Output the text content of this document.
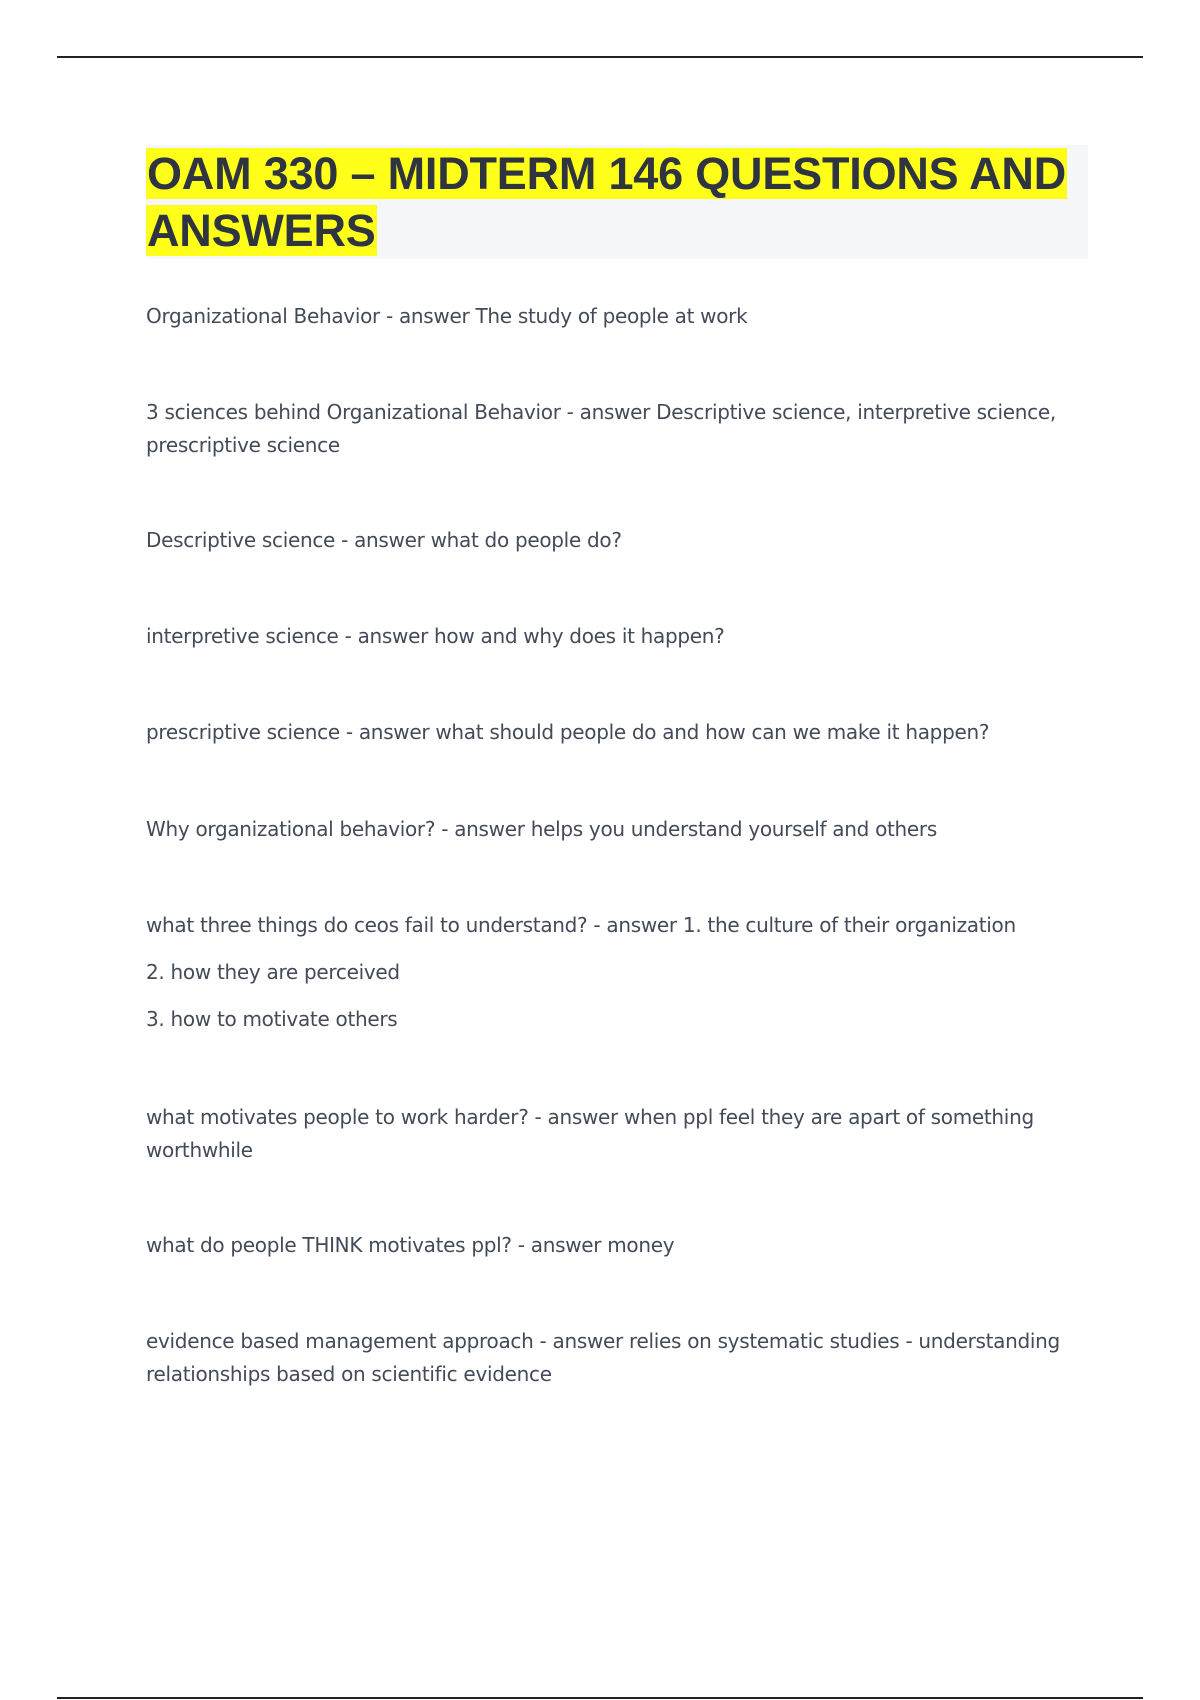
OAM 330 – MIDTERM 146 QUESTIONS AND ANSWERS

Organizational Behavior - answer The study of people at work

3 sciences behind Organizational Behavior - answer Descriptive science, interpretive science, prescriptive science

Descriptive science - answer what do people do?

interpretive science - answer how and why does it happen?

prescriptive science - answer what should people do and how can we make it happen?

Why organizational behavior? - answer helps you understand yourself and others

what three things do ceos fail to understand? - answer 1. the culture of their organization

2. how they are perceived

3. how to motivate others

what motivates people to work harder? - answer when ppl feel they are apart of something worthwhile

what do people THINK motivates ppl? - answer money

evidence based management approach - answer relies on systematic studies - understanding relationships based on scientific evidence
